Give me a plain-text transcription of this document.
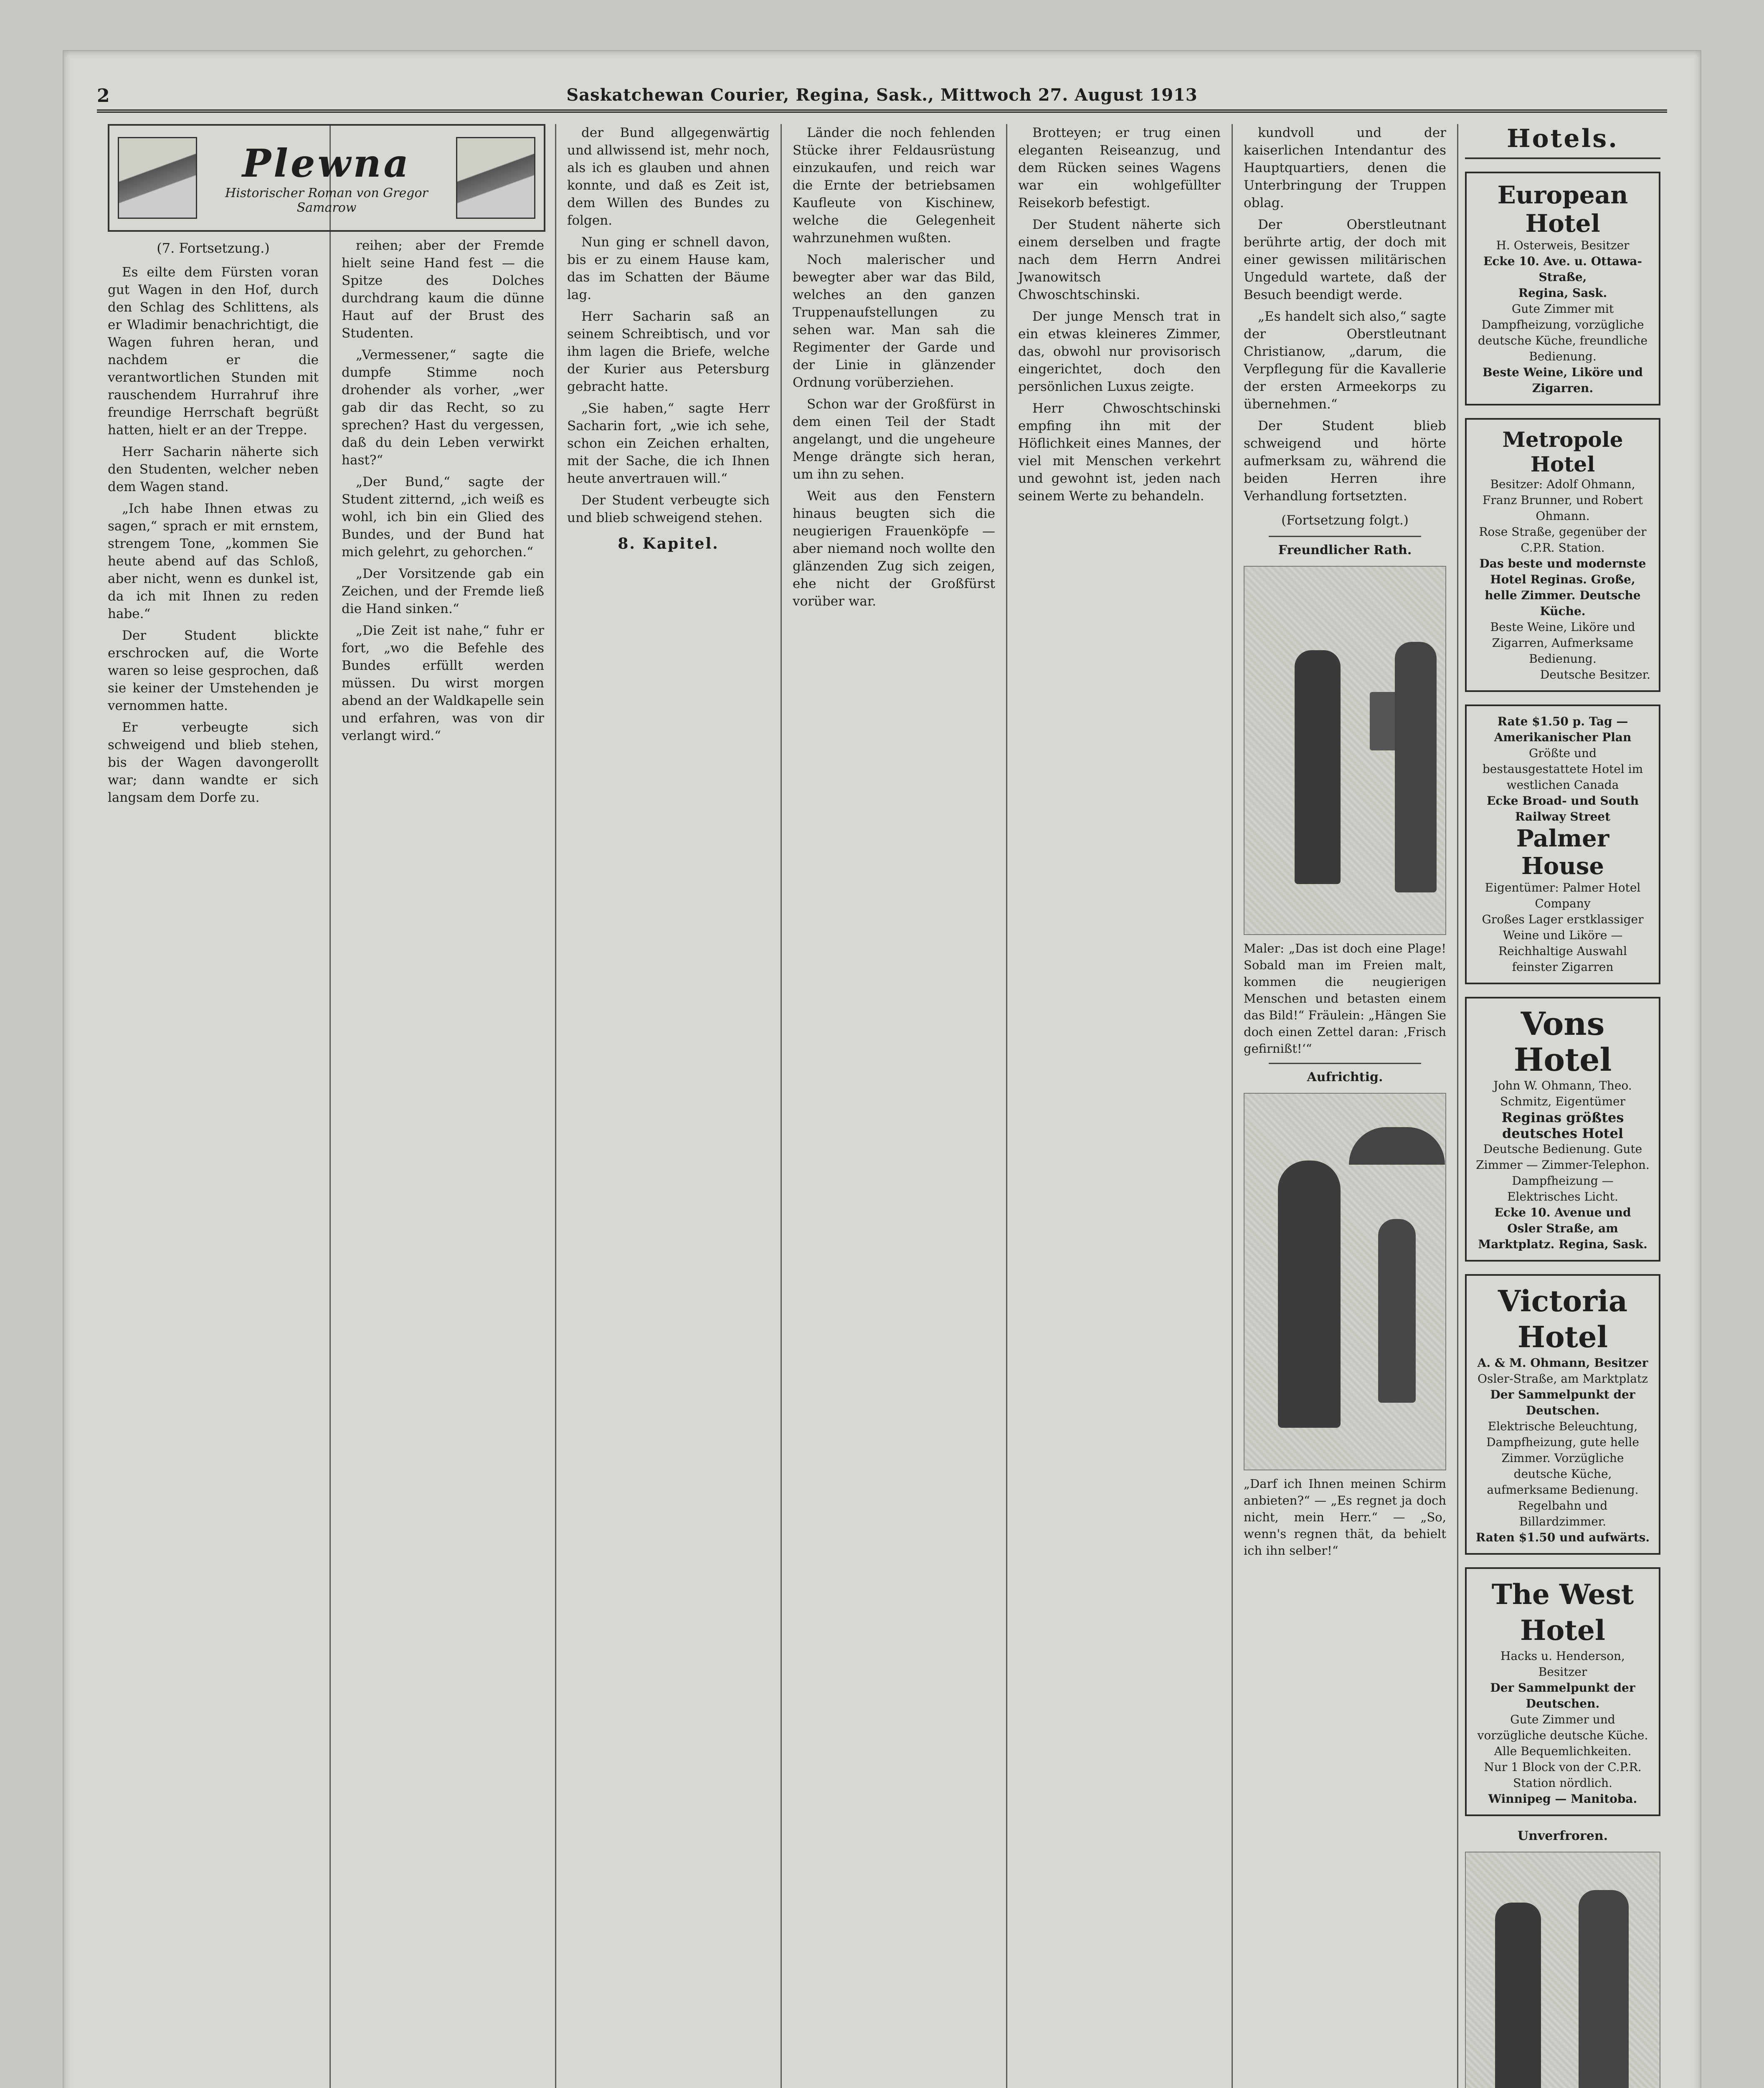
2	Saskatchewan Courier, Regina, Sask., Mittwoch 27. August 1913
Plewna
Historischer Roman von Gregor Samarow
(7. Fortsetzung.)

Es eilte dem Fürsten voran gut Wagen in den Hof, durch den Schlag des Schlittens, als er Wladimir benachrichtigt, die Wagen fuhren heran, und nachdem er die verantwortlichen Stunden mit rauschendem Hurrahruf ihre freundige Herrschaft begrüßt hatten, hielt er an der Treppe.

Herr Sacharin näherte sich den Studenten, welcher neben dem Wagen stand.

„Ich habe Ihnen etwas zu sagen,“ sprach er mit ernstem, strengem Tone, „kommen Sie heute abend auf das Schloß, aber nicht, wenn es dunkel ist, da ich mit Ihnen zu reden habe.“

Der Student blickte erschrocken auf, die Worte waren so leise gesprochen, daß sie keiner der Umstehenden je vernommen hatte.

Er verbeugte sich schweigend und blieb stehen, bis der Wagen davongerollt war; dann wandte er sich langsam dem Dorfe zu.

reihen; aber der Fremde hielt seine Hand fest — die Spitze des Dolches durchdrang kaum die dünne Haut auf der Brust des Studenten.

„Vermessener,“ sagte die dumpfe Stimme noch drohender als vorher, „wer gab dir das Recht, so zu sprechen? Hast du vergessen, daß du dein Leben verwirkt hast?“

„Der Bund,“ sagte der Student zitternd, „ich weiß es wohl, ich bin ein Glied des Bundes, und der Bund hat mich gelehrt, zu gehorchen.“

„Der Vorsitzende gab ein Zeichen, und der Fremde ließ die Hand sinken.“

„Die Zeit ist nahe,“ fuhr er fort, „wo die Befehle des Bundes erfüllt werden müssen. Du wirst morgen abend an der Waldkapelle sein und erfahren, was von dir verlangt wird.“

der Bund allgegenwärtig und allwissend ist, mehr noch, als ich es glauben und ahnen konnte, und daß es Zeit ist, dem Willen des Bundes zu folgen.

Nun ging er schnell davon, bis er zu einem Hause kam, das im Schatten der Bäume lag.

Herr Sacharin saß an seinem Schreibtisch, und vor ihm lagen die Briefe, welche der Kurier aus Petersburg gebracht hatte.

„Sie haben,“ sagte Herr Sacharin fort, „wie ich sehe, schon ein Zeichen erhalten, mit der Sache, die ich Ihnen heute anvertrauen will.“

Der Student verbeugte sich und blieb schweigend stehen.

8. Kapitel.

Länder die noch fehlenden Stücke ihrer Feldausrüstung einzukaufen, und reich war die Ernte der betriebsamen Kaufleute von Kischinew, welche die Gelegenheit wahrzunehmen wußten.

Noch malerischer und bewegter aber war das Bild, welches an den ganzen Truppenaufstellungen zu sehen war. Man sah die Regimenter der Garde und der Linie in glänzender Ordnung vorüberziehen.

Schon war der Großfürst in dem einen Teil der Stadt angelangt, und die ungeheure Menge drängte sich heran, um ihn zu sehen.

Weit aus den Fenstern hinaus beugten sich die neugierigen Frauenköpfe — aber niemand noch wollte den glänzenden Zug sich zeigen, ehe nicht der Großfürst vorüber war.

Brotteyen; er trug einen eleganten Reiseanzug, und dem Rücken seines Wagens war ein wohlgefüllter Reisekorb befestigt.

Der Student näherte sich einem derselben und fragte nach dem Herrn Andrei Jwanowitsch Chwoschtschinski.

Der junge Mensch trat in ein etwas kleineres Zimmer, das, obwohl nur provisorisch eingerichtet, doch den persönlichen Luxus zeigte.

Herr Chwoschtschinski empfing ihn mit der Höflichkeit eines Mannes, der viel mit Menschen verkehrt und gewohnt ist, jeden nach seinem Werte zu behandeln.

kundvoll und der kaiserlichen Intendantur des Hauptquartiers, denen die Unterbringung der Truppen oblag.

Der Oberstleutnant berührte artig, der doch mit einer gewissen militärischen Ungeduld wartete, daß der Besuch beendigt werde.

„Es handelt sich also,“ sagte der Oberstleutnant Christianow, „darum, die Verpflegung für die Kavallerie der ersten Armeekorps zu übernehmen.“

Der Student blieb schweigend und hörte aufmerksam zu, während die beiden Herren ihre Verhandlung fortsetzten.

(Fortsetzung folgt.)
Freundlicher Rath.
Maler: „Das ist doch eine Plage! Sobald man im Freien malt, kommen die neugierigen Menschen und betasten einem das Bild!“ Fräulein: „Hängen Sie doch einen Zettel daran: ‚Frisch gefirnißt!‘“
Aufrichtig.
„Darf ich Ihnen meinen Schirm anbieten?“ — „Es regnet ja doch nicht, mein Herr.“ — „So, wenn's regnen thät, da behielt ich ihn selber!“
Hotels.
European Hotel
H. Osterweis, Besitzer
Ecke 10. Ave. u. Ottawa-Straße,
Regina, Sask.
Gute Zimmer mit Dampfheizung, vorzügliche deutsche Küche, freundliche Bedienung.
Beste Weine, Liköre und Zigarren.
Metropole Hotel
Besitzer: Adolf Ohmann, Franz Brunner, und Robert Ohmann.
Rose Straße, gegenüber der C.P.R. Station.
Das beste und modernste Hotel Reginas. Große, helle Zimmer. Deutsche Küche.
Beste Weine, Liköre und Zigarren, Aufmerksame Bedienung.
Deutsche Besitzer.
Rate $1.50 p. Tag — Amerikanischer Plan
Größte und bestausgestattete Hotel im westlichen Canada
Ecke Broad- und South Railway Street
Palmer House
Eigentümer: Palmer Hotel Company
Großes Lager erstklassiger Weine und Liköre — Reichhaltige Auswahl feinster Zigarren
Vons Hotel
John W. Ohmann, Theo. Schmitz, Eigentümer
Reginas größtes deutsches Hotel
Deutsche Bedienung. Gute Zimmer — Zimmer-Telephon. Dampfheizung — Elektrisches Licht.
Ecke 10. Avenue und Osler Straße, am Marktplatz. Regina, Sask.
Victoria Hotel
A. & M. Ohmann, Besitzer
Osler-Straße, am Marktplatz
Der Sammelpunkt der Deutschen.
Elektrische Beleuchtung, Dampfheizung, gute helle Zimmer. Vorzügliche deutsche Küche, aufmerksame Bedienung. Regelbahn und Billardzimmer.
Raten $1.50 und aufwärts.
The West Hotel
Hacks u. Henderson, Besitzer
Der Sammelpunkt der Deutschen.
Gute Zimmer und vorzügliche deutsche Küche. Alle Bequemlichkeiten.
Nur 1 Block von der C.P.R. Station nördlich.
Winnipeg — Manitoba.
Unverfroren.
